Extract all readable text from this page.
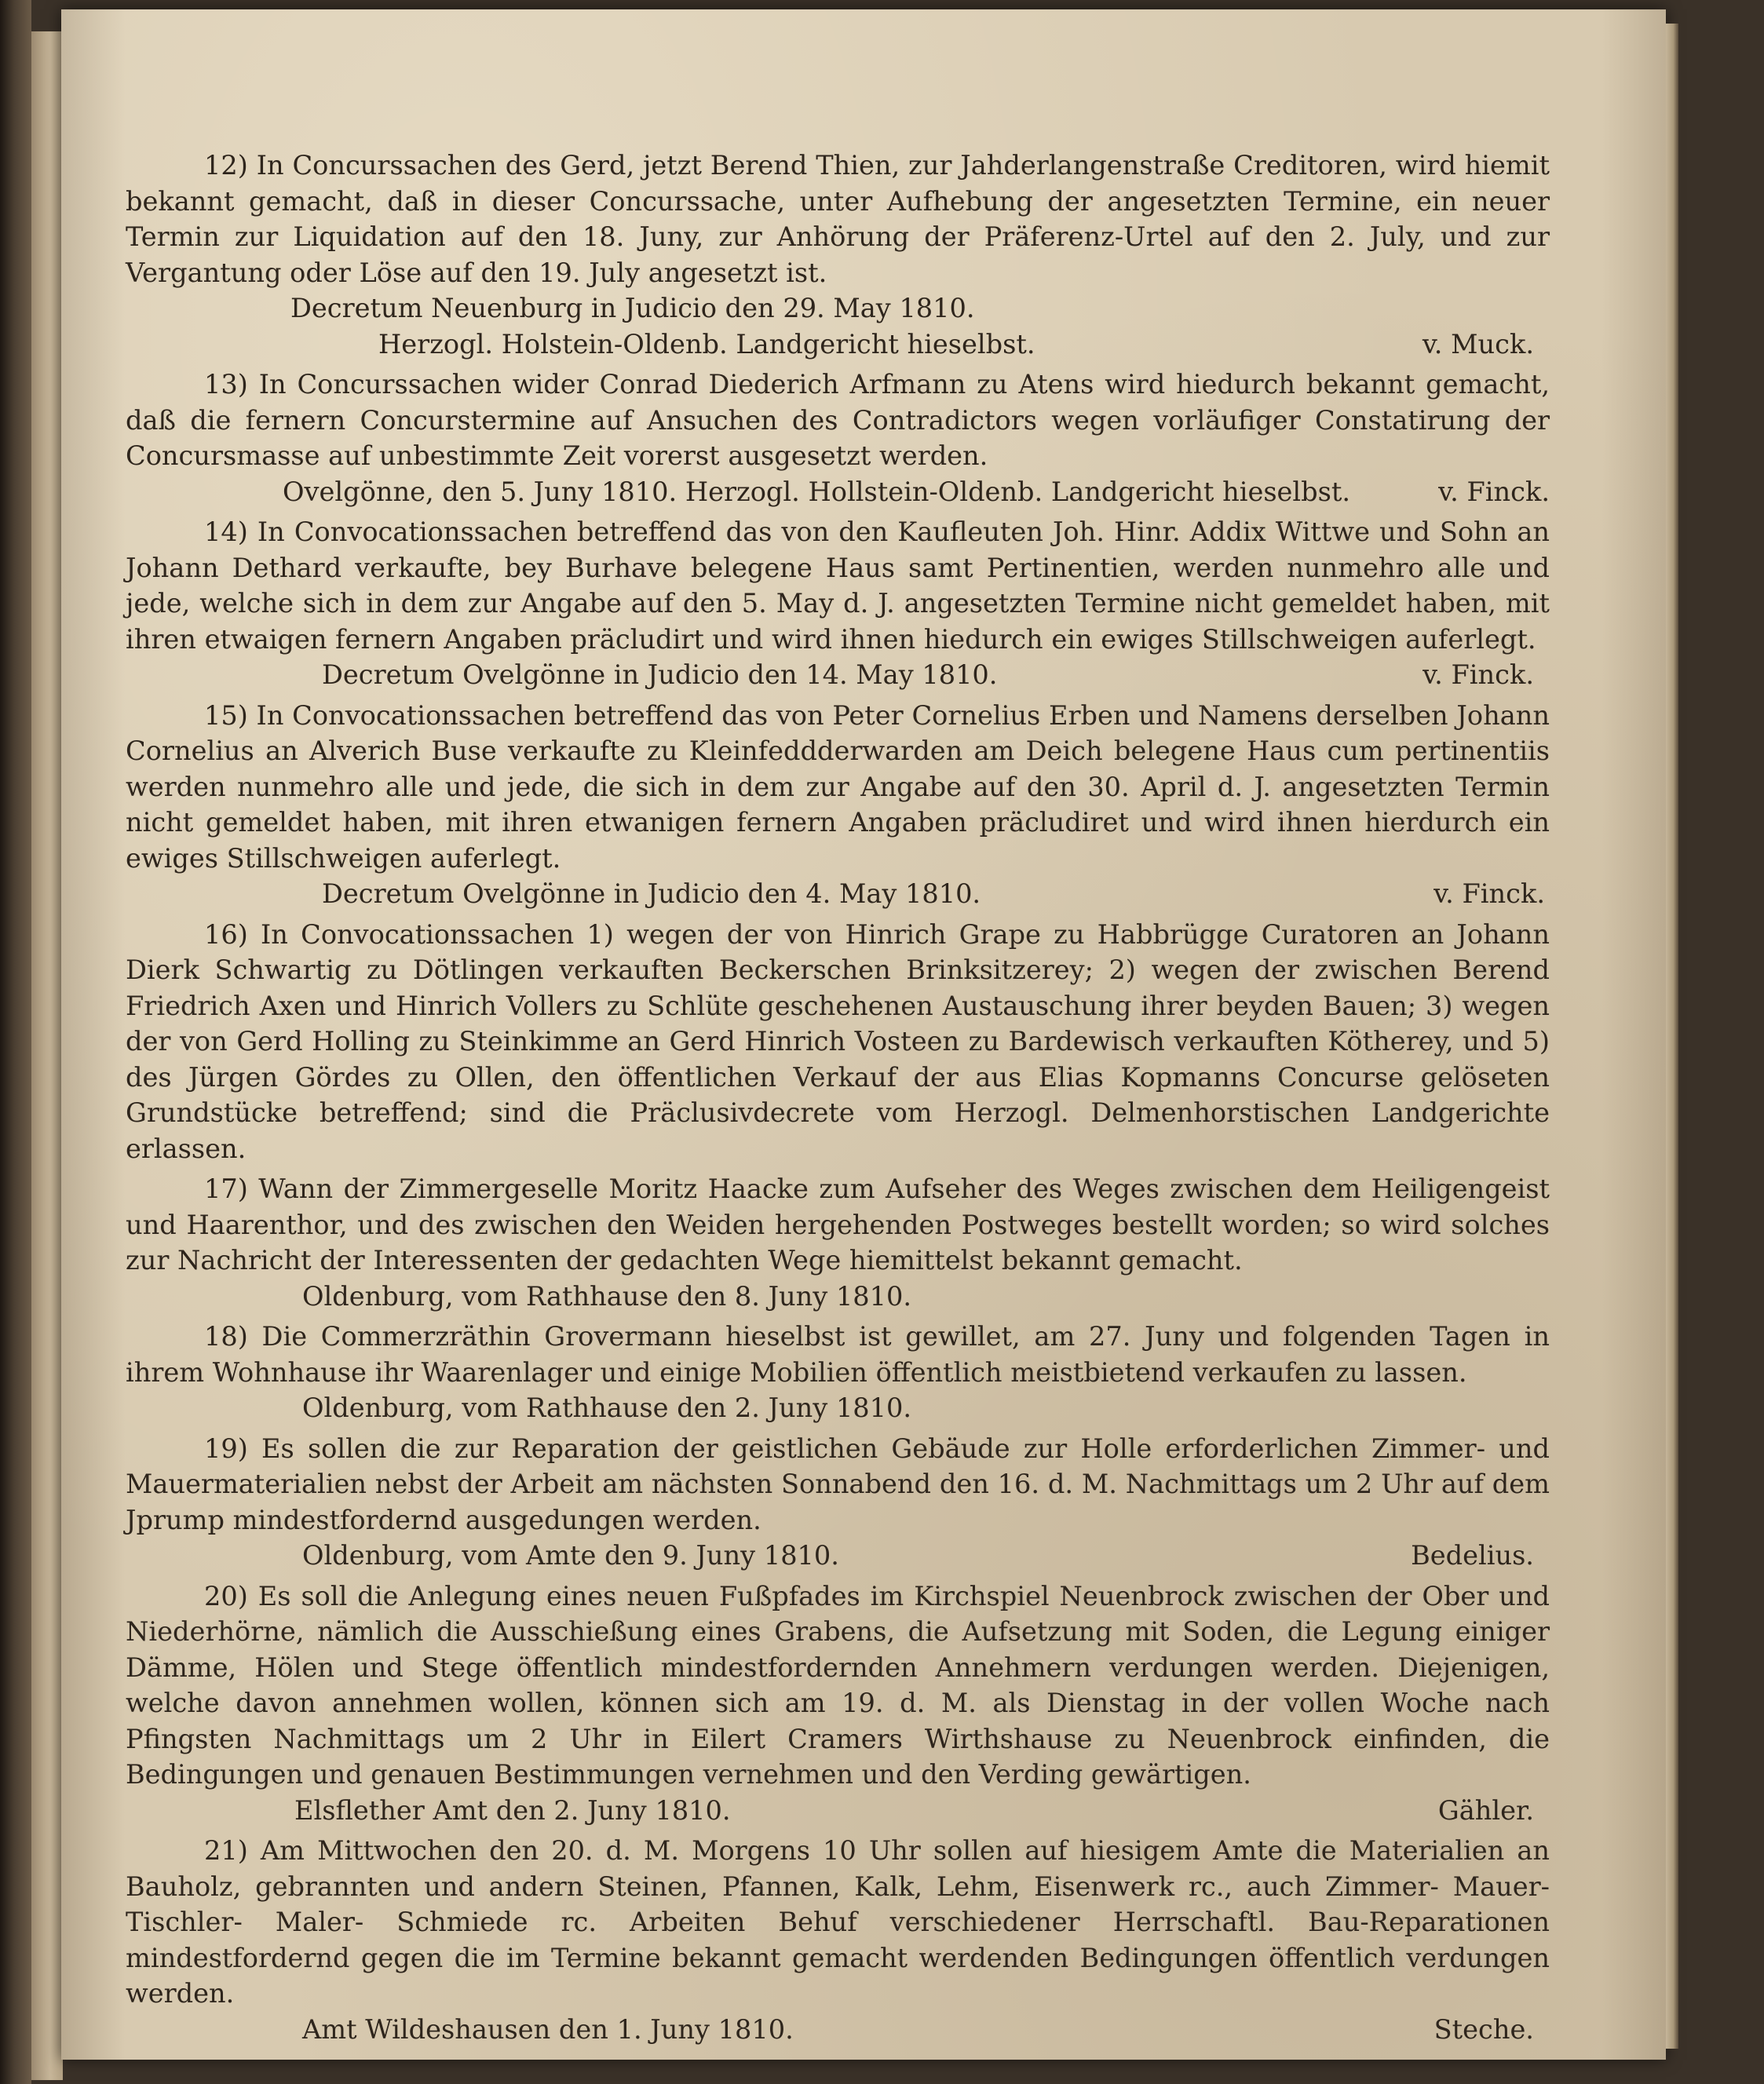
12) In Concurssachen des Gerd, jetzt Berend Thien, zur Jahderlangenstraße Creditoren, wird hiemit bekannt gemacht, daß in dieser Concurssache, unter Aufhebung der angesetzten Termine, ein neuer Termin zur Liquidation auf den 18. Juny, zur Anhörung der Präferenz-Urtel auf den 2. July, und zur Vergantung oder Löse auf den 19. July angesetzt ist.

Decretum Neuenburg in Judicio den 29. May 1810.
Herzogl. Holstein-Oldenb. Landgericht hieselbst.	v. Muck.

13) In Concurssachen wider Conrad Diederich Arfmann zu Atens wird hiedurch bekannt gemacht, daß die fernern Concurstermine auf Ansuchen des Contradictors wegen vorläufiger Constatirung der Concursmasse auf unbestimmte Zeit vorerst ausgesetzt werden.

Ovelgönne, den 5. Juny 1810. Herzogl. Hollstein-Oldenb. Landgericht hieselbst.	v. Finck.

14) In Convocationssachen betreffend das von den Kaufleuten Joh. Hinr. Addix Wittwe und Sohn an Johann Dethard verkaufte, bey Burhave belegene Haus samt Pertinentien, werden nunmehro alle und jede, welche sich in dem zur Angabe auf den 5. May d. J. angesetzten Termine nicht gemeldet haben, mit ihren etwaigen fernern Angaben präcludirt und wird ihnen hiedurch ein ewiges Stillschweigen auferlegt.

Decretum Ovelgönne in Judicio den 14. May 1810.	v. Finck.

15) In Convocationssachen betreffend das von Peter Cornelius Erben und Namens derselben Johann Cornelius an Alverich Buse verkaufte zu Kleinfeddderwarden am Deich belegene Haus cum pertinentiis werden nunmehro alle und jede, die sich in dem zur Angabe auf den 30. April d. J. angesetzten Termin nicht gemeldet haben, mit ihren etwanigen fernern Angaben präcludiret und wird ihnen hierdurch ein ewiges Stillschweigen auferlegt.

Decretum Ovelgönne in Judicio den 4. May 1810.	v. Finck.

16) In Convocationssachen 1) wegen der von Hinrich Grape zu Habbrügge Curatoren an Johann Dierk Schwartig zu Dötlingen verkauften Beckerschen Brinksitzerey; 2) wegen der zwischen Berend Friedrich Axen und Hinrich Vollers zu Schlüte geschehenen Austauschung ihrer beyden Bauen; 3) wegen der von Gerd Holling zu Steinkimme an Gerd Hinrich Vosteen zu Bardewisch verkauften Kötherey, und 5) des Jürgen Gördes zu Ollen, den öffentlichen Verkauf der aus Elias Kopmanns Concurse gelöseten Grundstücke betreffend; sind die Präclusivdecrete vom Herzogl. Delmenhorstischen Landgerichte erlassen.

17) Wann der Zimmergeselle Moritz Haacke zum Aufseher des Weges zwischen dem Heiligengeist und Haarenthor, und des zwischen den Weiden hergehenden Postweges bestellt worden; so wird solches zur Nachricht der Interessenten der gedachten Wege hiemittelst bekannt gemacht.

Oldenburg, vom Rathhause den 8. Juny 1810.

18) Die Commerzräthin Grovermann hieselbst ist gewillet, am 27. Juny und folgenden Tagen in ihrem Wohnhause ihr Waarenlager und einige Mobilien öffentlich meistbietend verkaufen zu lassen.

Oldenburg, vom Rathhause den 2. Juny 1810.

19) Es sollen die zur Reparation der geistlichen Gebäude zur Holle erforderlichen Zimmer- und Mauermaterialien nebst der Arbeit am nächsten Sonnabend den 16. d. M. Nachmittags um 2 Uhr auf dem Jprump mindestfordernd ausgedungen werden.

Oldenburg, vom Amte den 9. Juny 1810.	Bedelius.

20) Es soll die Anlegung eines neuen Fußpfades im Kirchspiel Neuenbrock zwischen der Ober und Niederhörne, nämlich die Ausschießung eines Grabens, die Aufsetzung mit Soden, die Legung einiger Dämme, Hölen und Stege öffentlich mindestfordernden Annehmern verdungen werden. Diejenigen, welche davon annehmen wollen, können sich am 19. d. M. als Dienstag in der vollen Woche nach Pfingsten Nachmittags um 2 Uhr in Eilert Cramers Wirthshause zu Neuenbrock einfinden, die Bedingungen und genauen Bestimmungen vernehmen und den Verding gewärtigen.

Elsflether Amt den 2. Juny 1810.	Gähler.

21) Am Mittwochen den 20. d. M. Morgens 10 Uhr sollen auf hiesigem Amte die Materialien an Bauholz, gebrannten und andern Steinen, Pfannen, Kalk, Lehm, Eisenwerk rc., auch Zimmer- Mauer- Tischler- Maler- Schmiede rc. Arbeiten Behuf verschiedener Herrschaftl. Bau-Reparationen mindestfordernd gegen die im Termine bekannt gemacht werdenden Bedingungen öffentlich verdungen werden.

Amt Wildeshausen den 1. Juny 1810.	Steche.
